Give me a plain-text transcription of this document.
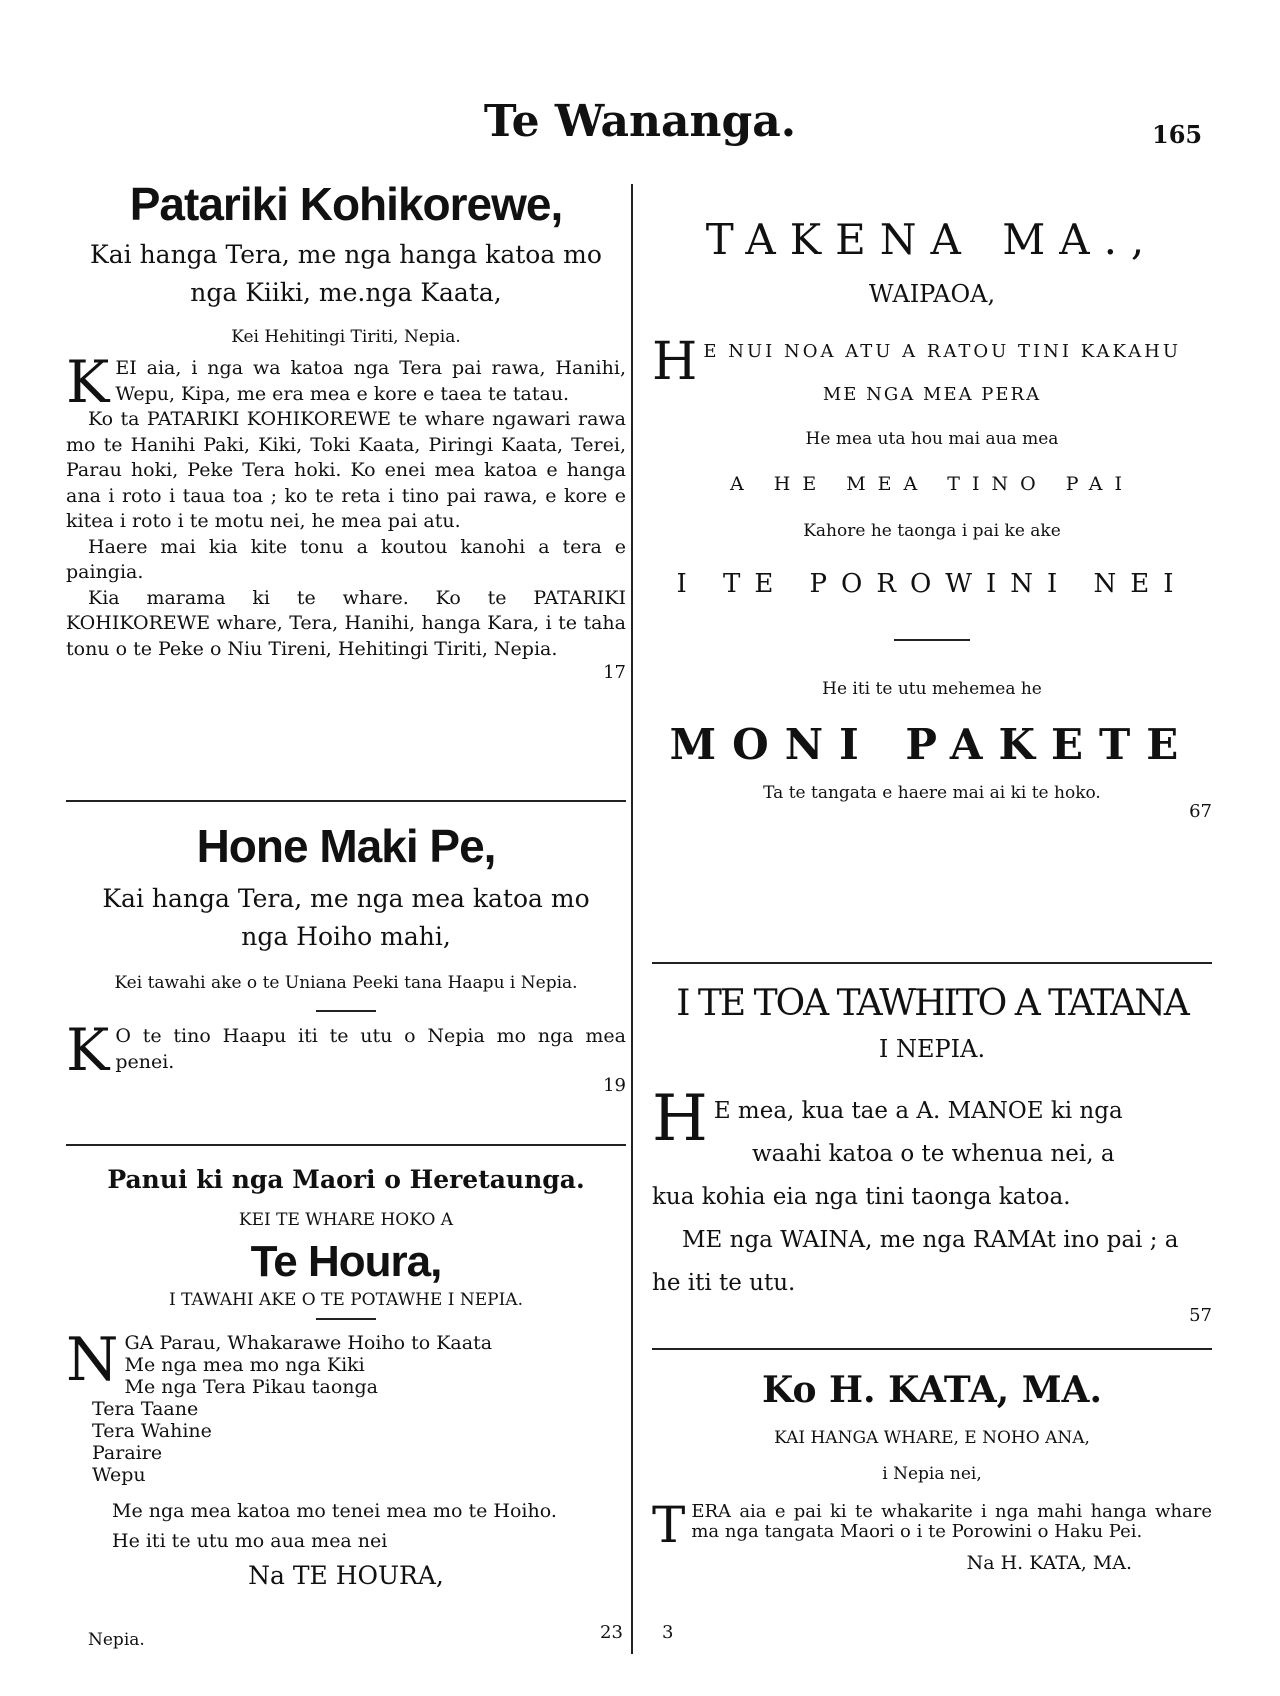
Te Wananga.	165
Patariki Kohikorewe,
Kai hanga Tera, me nga hanga katoa mo
nga Kiiki, me.nga Kaata,
Kei Hehitingi Tiriti, Nepia.
KEI aia, i nga wa katoa nga Tera pai rawa, Hanihi, Wepu, Kipa, me era mea e kore e taea te tatau.
Ko ta PATARIKI KOHIKOREWE te whare ngawari rawa mo te Hanihi Paki, Kiki, Toki Kaata, Piringi Kaata, Terei, Parau hoki, Peke Tera hoki. Ko enei mea katoa e hanga ana i roto i taua toa ; ko te reta i tino pai rawa, e kore e kitea i roto i te motu nei, he mea pai atu.
Haere mai kia kite tonu a koutou kanohi a tera e paingia.
Kia marama ki te whare. Ko te PATARIKI KOHIKOREWE whare, Tera, Hanihi, hanga Kara, i te taha tonu o te Peke o Niu Tireni, Hehitingi Tiriti, Nepia.
17
Hone Maki Pe,
Kai hanga Tera, me nga mea katoa mo
nga Hoiho mahi,
Kei tawahi ake o te Uniana Peeki tana Haapu i Nepia.
K O te tino Haapu iti te utu o Nepia mo nga mea penei.
19
Panui ki nga Maori o Heretaunga.
KEI TE WHARE HOKO A
Te Houra,
I TAWAHI AKE O TE POTAWHE I NEPIA.
N GA Parau, Whakarawe Hoiho to Kaata
Me nga mea mo nga Kiki
Me nga Tera Pikau taonga
Tera Taane
Tera Wahine
Paraire
Wepu
Me nga mea katoa mo tenei mea mo te Hoiho.
He iti te utu mo aua mea nei
Na TE HOURA,
Nepia.	23
TAKENA MA.,
WAIPAOA,
H E NUI NOA ATU A RATOU TINI KAKAHU
ME NGA MEA PERA
He mea uta hou mai aua mea
A HE MEA TINO PAI
Kahore he taonga i pai ke ake
I TE POROWINI NEI
He iti te utu mehemea he
MONI PAKETE
Ta te tangata e haere mai ai ki te hoko.
67
I TE TOA TAWHITO A TATANA
I NEPIA.
H E mea, kua tae a A. MANOE ki nga
waahi katoa o te whenua nei, a
kua kohia eia nga tini taonga katoa.
ME nga WAINA, me nga RAMAt ino pai ; a he iti te utu.
57
Ko H. KATA, MA.
KAI HANGA WHARE, E NOHO ANA,
i Nepia nei,
TERA aia e pai ki te whakarite i nga mahi hanga whare ma nga tangata Maori o i te Porowini o Haku Pei.
Na H. KATA, MA.
3
